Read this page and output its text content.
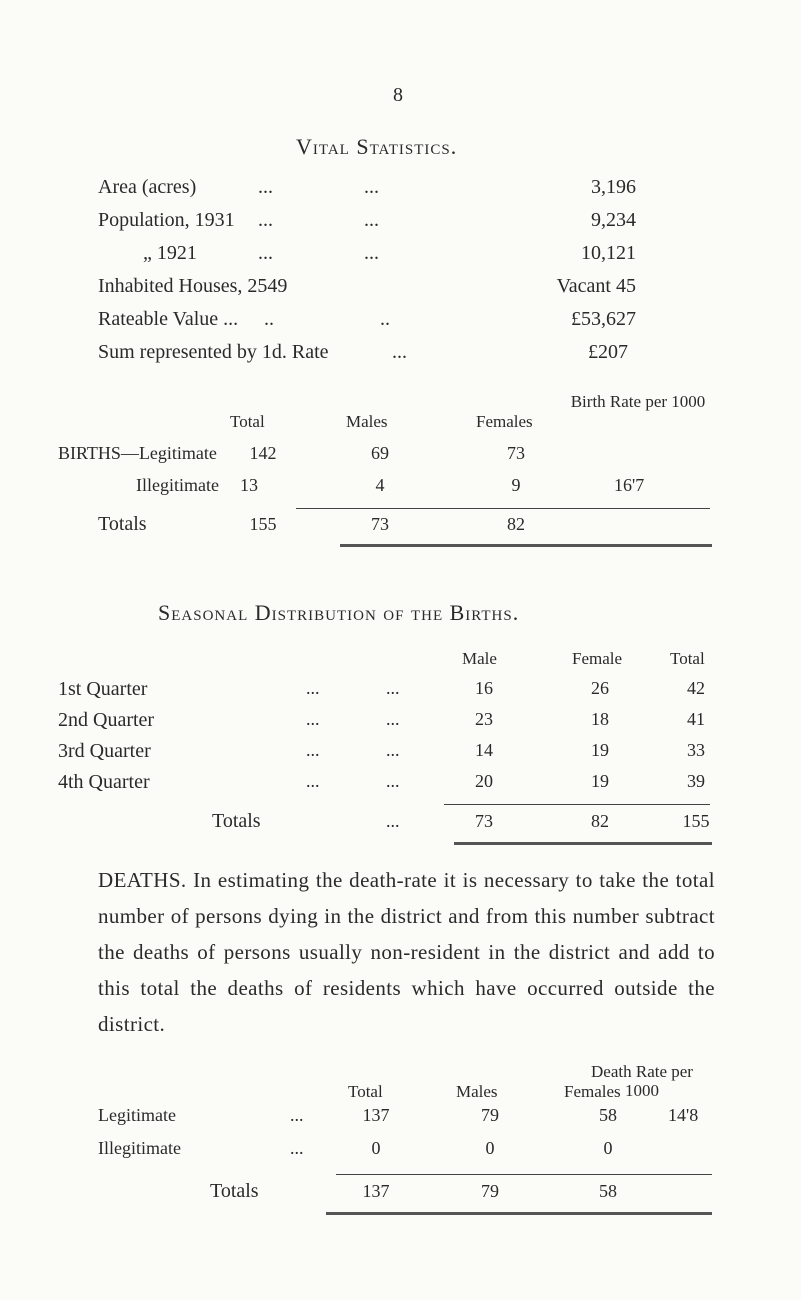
8
Vital Statistics.
Area (acres)	...	...	3,196
Population, 1931 ...	...	9,234
„ 1921	...	...	10,121
Inhabited Houses, 2549	Vacant 45
Rateable Value ... ..	..	£53,627
Sum represented by 1d. Rate	...	£207
Birth Rate per 1000
Total	Males	Females
BIRTHS—Legitimate	142	69	73
Illegitimate 13	4	9	16'7
Totals	155	73	82
Seasonal Distribution of the Births.
Male	Female	Total
1st Quarter	...	...	16	26	42
2nd Quarter	...	...	23	18	41
3rd Quarter	...	...	14	19	33
4th Quarter	...	...	20	19	39
Totals	...	73	82	155
DEATHS. In estimating the death-rate it is necessary to take the total number of persons dying in the district and from this number subtract the deaths of persons usually non-resident in the district and add to this total the deaths of residents which have occurred outside the district.
Death Rate per 1000
Total	Males	Females
Legitimate	...	137	79	58	14'8
Illegitimate	...	0	0	0
Totals	137	79	58
